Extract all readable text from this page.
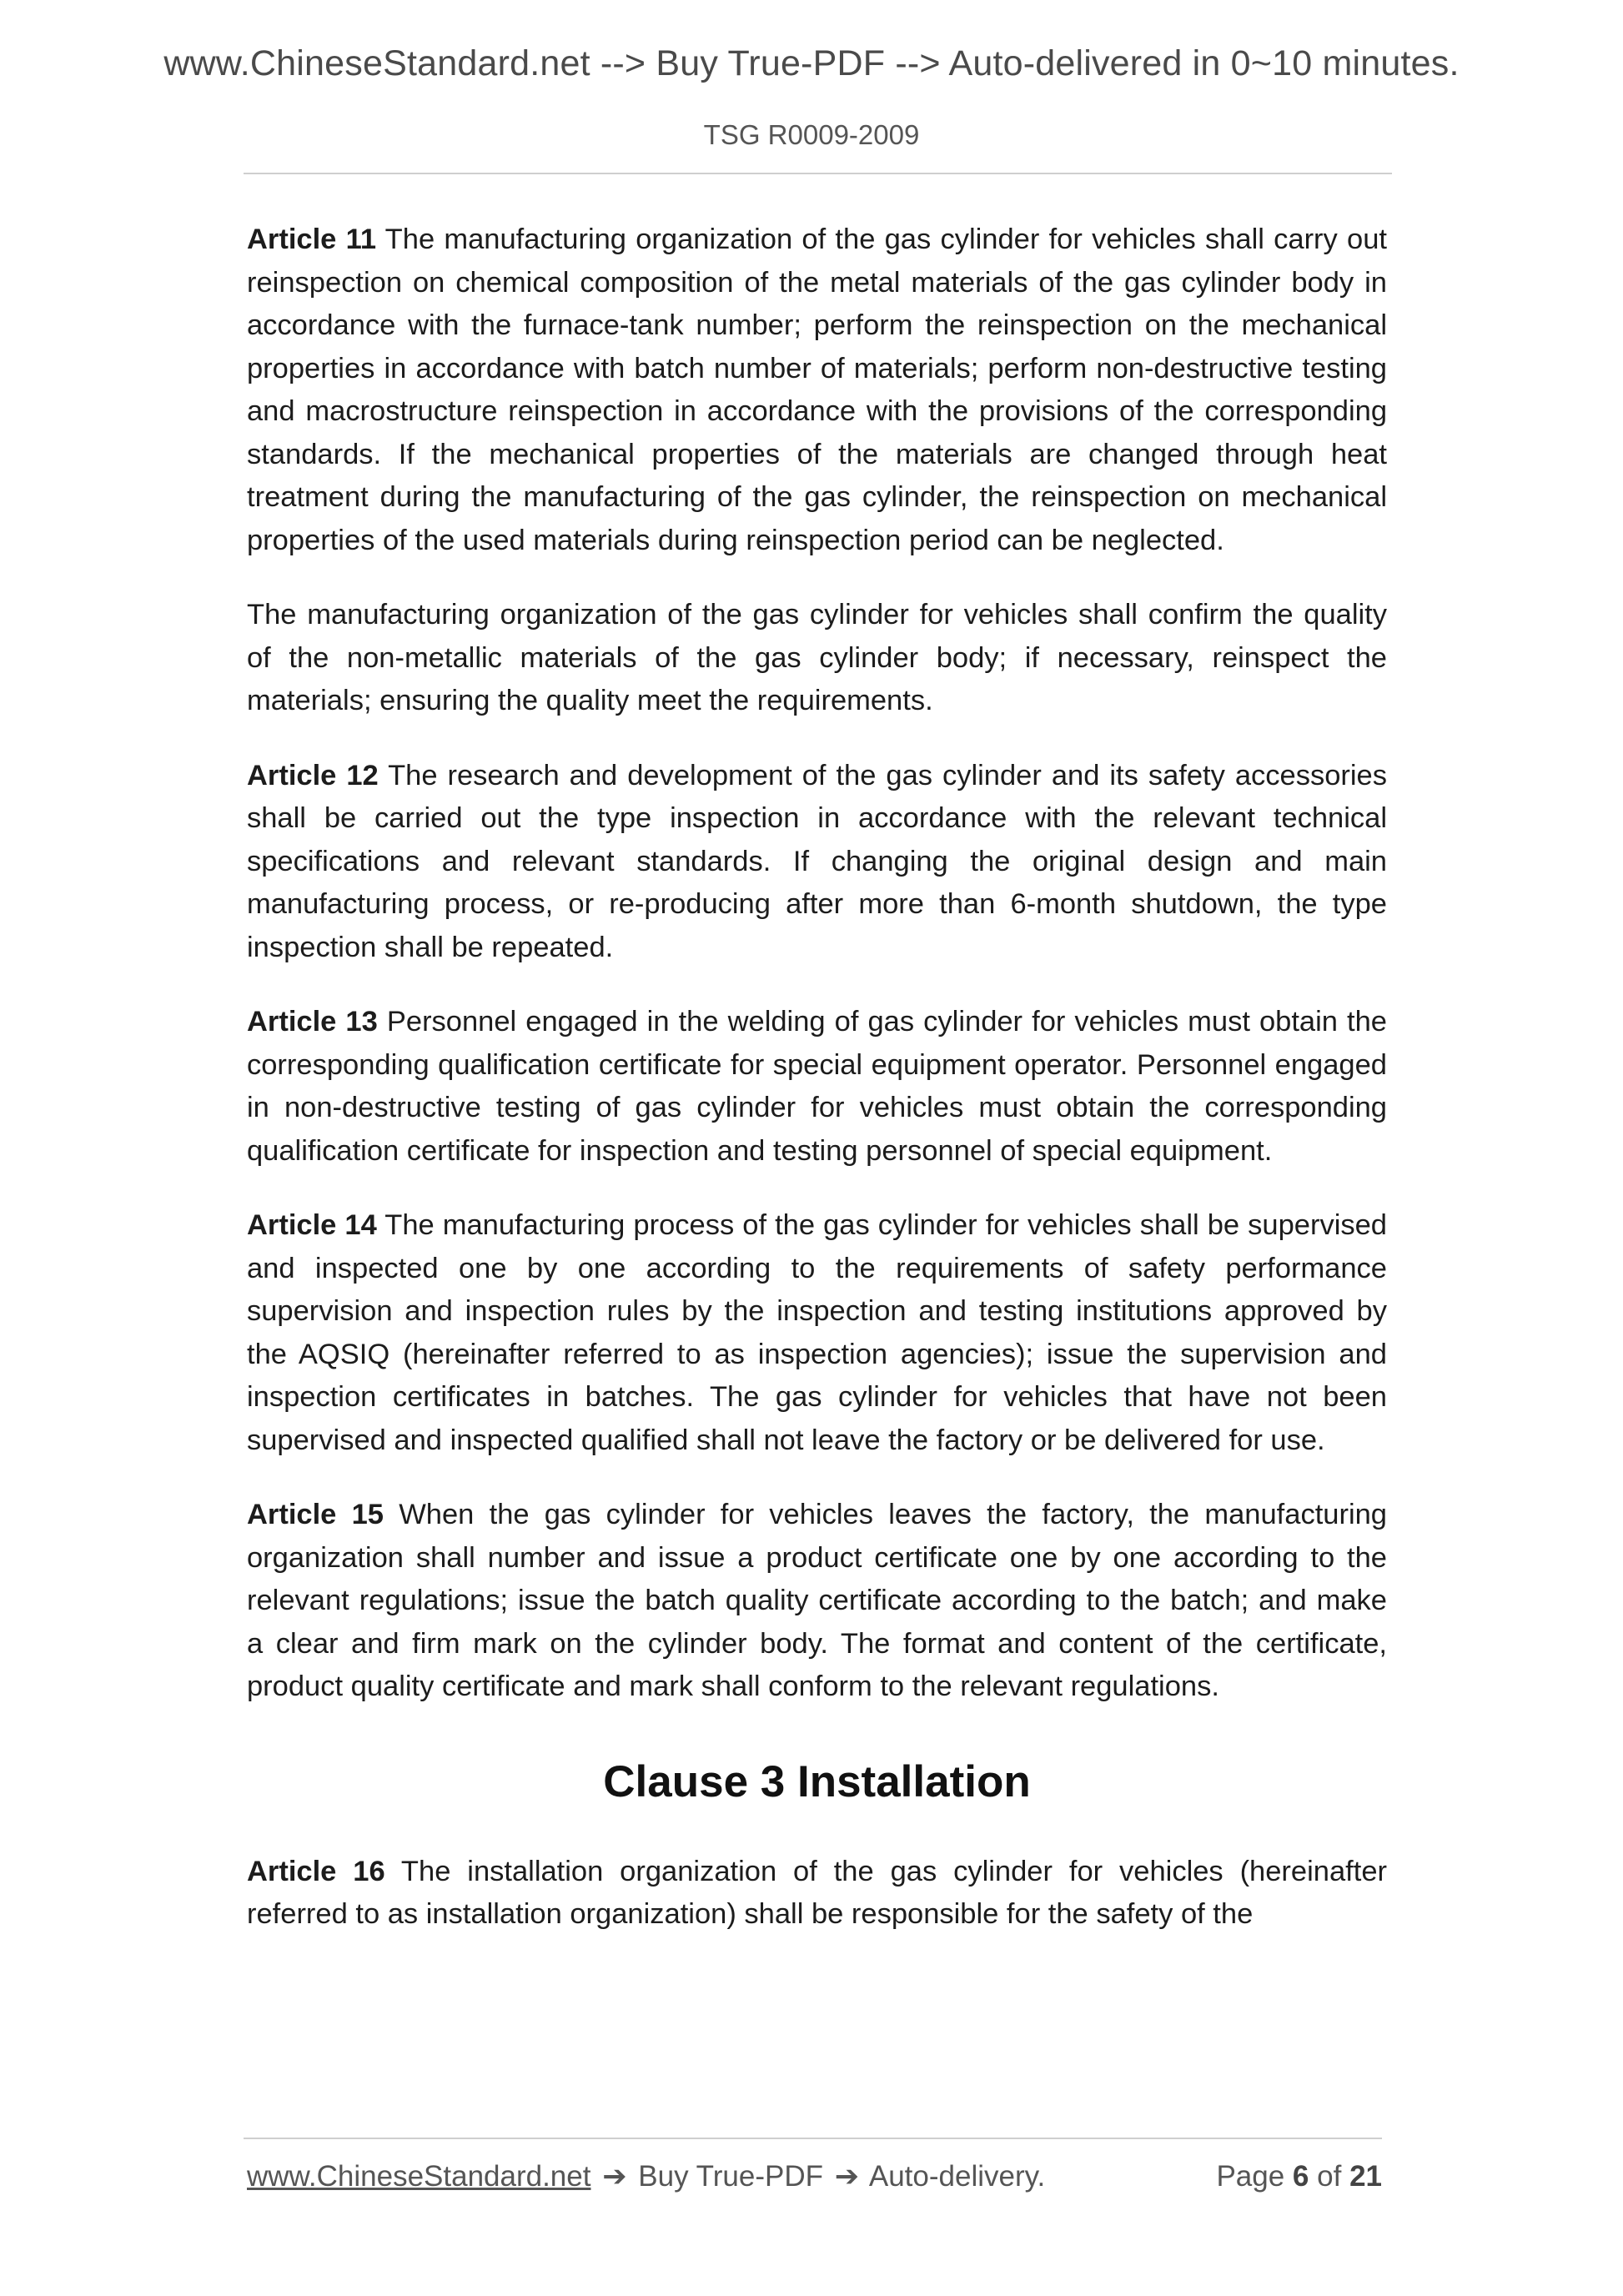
www.ChineseStandard.net --> Buy True-PDF --> Auto-delivered in 0~10 minutes.
TSG R0009-2009

Article 11 The manufacturing organization of the gas cylinder for vehicles shall carry out reinspection on chemical composition of the metal materials of the gas cylinder body in accordance with the furnace-tank number; perform the reinspection on the mechanical properties in accordance with batch number of materials; perform non-destructive testing and macrostructure reinspection in accordance with the provisions of the corresponding standards. If the mechanical properties of the materials are changed through heat treatment during the manufacturing of the gas cylinder, the reinspection on mechanical properties of the used materials during reinspection period can be neglected.

The manufacturing organization of the gas cylinder for vehicles shall confirm the quality of the non-metallic materials of the gas cylinder body; if necessary, reinspect the materials; ensuring the quality meet the requirements.

Article 12 The research and development of the gas cylinder and its safety accessories shall be carried out the type inspection in accordance with the relevant technical specifications and relevant standards. If changing the original design and main manufacturing process, or re-producing after more than 6-month shutdown, the type inspection shall be repeated.

Article 13 Personnel engaged in the welding of gas cylinder for vehicles must obtain the corresponding qualification certificate for special equipment operator. Personnel engaged in non-destructive testing of gas cylinder for vehicles must obtain the corresponding qualification certificate for inspection and testing personnel of special equipment.

Article 14 The manufacturing process of the gas cylinder for vehicles shall be supervised and inspected one by one according to the requirements of safety performance supervision and inspection rules by the inspection and testing institutions approved by the AQSIQ (hereinafter referred to as inspection agencies); issue the supervision and inspection certificates in batches. The gas cylinder for vehicles that have not been supervised and inspected qualified shall not leave the factory or be delivered for use.

Article 15 When the gas cylinder for vehicles leaves the factory, the manufacturing organization shall number and issue a product certificate one by one according to the relevant regulations; issue the batch quality certificate according to the batch; and make a clear and firm mark on the cylinder body. The format and content of the certificate, product quality certificate and mark shall conform to the relevant regulations.

Clause 3 Installation

Article 16 The installation organization of the gas cylinder for vehicles (hereinafter referred to as installation organization) shall be responsible for the safety of the

www.ChineseStandard.net ➔ Buy True-PDF ➔ Auto-delivery.	Page 6 of 21
